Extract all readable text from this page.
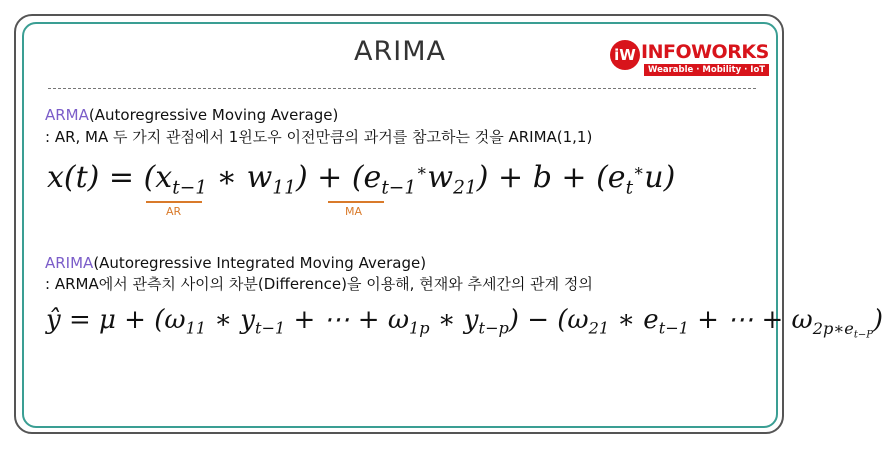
ARIMA	iW INFOWORKS
Wearable · Mobility · IoT
ARMA(Autoregressive Moving Average)
: AR, MA 두 가지 관점에서 1윈도우 이전만큼의 과거를 참고하는 것을 ARIMA(1,1)
$x(t) = (x_{t-1}$ ∗ $w_{11}) + (e_{t-1}^∗w_{21}) + b + (e_t^∗u)$
AR	MA
ARIMA(Autoregressive Integrated Moving Average)
: ARMA에서 관측치 사이의 차분(Difference)을 이용해, 현재와 추세간의 관계 정의
ŷ = $\mu + (\omega_{11}$ ∗ $y_{t-1}$ + ⋯ + $\omega_{1p}$ ∗ $y_{t-p}) - (\omega_{21}$ ∗ $e_{t-1}$ + ⋯ + $\omega_{2p∗e_{t-P}}$)
